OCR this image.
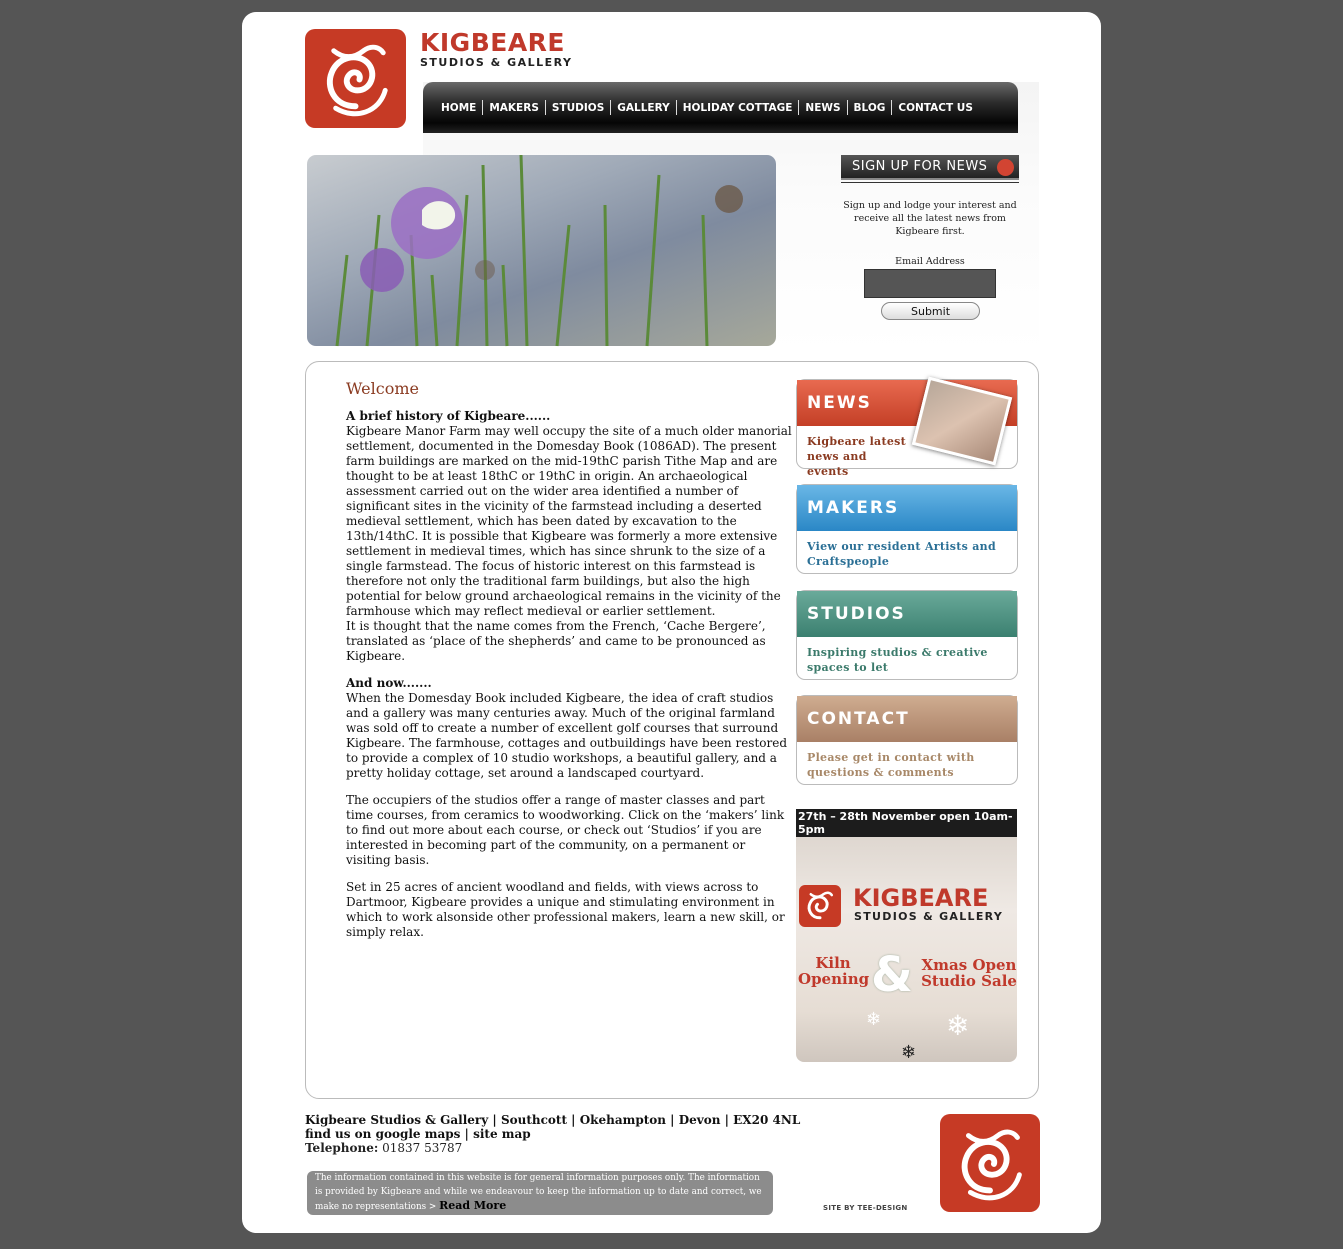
KIGBEARE
STUDIOS & GALLERY
HOME	MAKERS	STUDIOS	GALLERY	HOLIDAY COTTAGE	NEWS	BLOG	CONTACT US
SIGN UP FOR NEWS
Sign up and lodge your interest and receive all the latest news from Kigbeare first.
Email Address
Submit
Welcome
A brief history of Kigbeare......
Kigbeare Manor Farm may well occupy the site of a much older manorial settlement, documented in the Domesday Book (1086AD). The present farm buildings are marked on the mid-19thC parish Tithe Map and are thought to be at least 18thC or 19thC in origin. An archaeological assessment carried out on the wider area identified a number of significant sites in the vicinity of the farmstead including a deserted medieval settlement, which has been dated by excavation to the 13th/14thC. It is possible that Kigbeare was formerly a more extensive settlement in medieval times, which has since shrunk to the size of a single farmstead. The focus of historic interest on this farmstead is therefore not only the traditional farm buildings, but also the high potential for below ground archaeological remains in the vicinity of the farmhouse which may reflect medieval or earlier settlement.

It is thought that the name comes from the French, ‘Cache Bergere’, translated as ‘place of the shepherds’ and came to be pronounced as Kigbeare.

And now.......

When the Domesday Book included Kigbeare, the idea of craft studios and a gallery was many centuries away. Much of the original farmland was sold off to create a number of excellent golf courses that surround Kigbeare. The farmhouse, cottages and outbuildings have been restored to provide a complex of 10 studio workshops, a beautiful gallery, and a pretty holiday cottage, set around a landscaped courtyard.

The occupiers of the studios offer a range of master classes and part time courses, from ceramics to woodworking. Click on the ‘makers’ link to find out more about each course, or check out ‘Studios’ if you are interested in becoming part of the community, on a permanent or visiting basis.

Set in 25 acres of ancient woodland and fields, with views across to Dartmoor, Kigbeare provides a unique and stimulating environment in which to work alsonside other professional makers, learn a new skill, or simply relax.

NEWS
Kigbeare latest news and events
MAKERS
View our resident Artists and Craftspeople
STUDIOS
Inspiring studios & creative spaces to let
CONTACT
Please get in contact with questions & comments
27th – 28th November open 10am-5pm
KIGBEARE
STUDIOS & GALLERY
Kiln Opening & Xmas Open Studio Sale
❄
❄
❄
Kigbeare Studios & Gallery | Southcott | Okehampton | Devon | EX20 4NL
find us on google maps | site map
Telephone: 01837 53787
The information contained in this website is for general information purposes only. The information is provided by Kigbeare and while we endeavour to keep the information up to date and correct, we make no representations > Read More	SITE BY TEE-DESIGN
